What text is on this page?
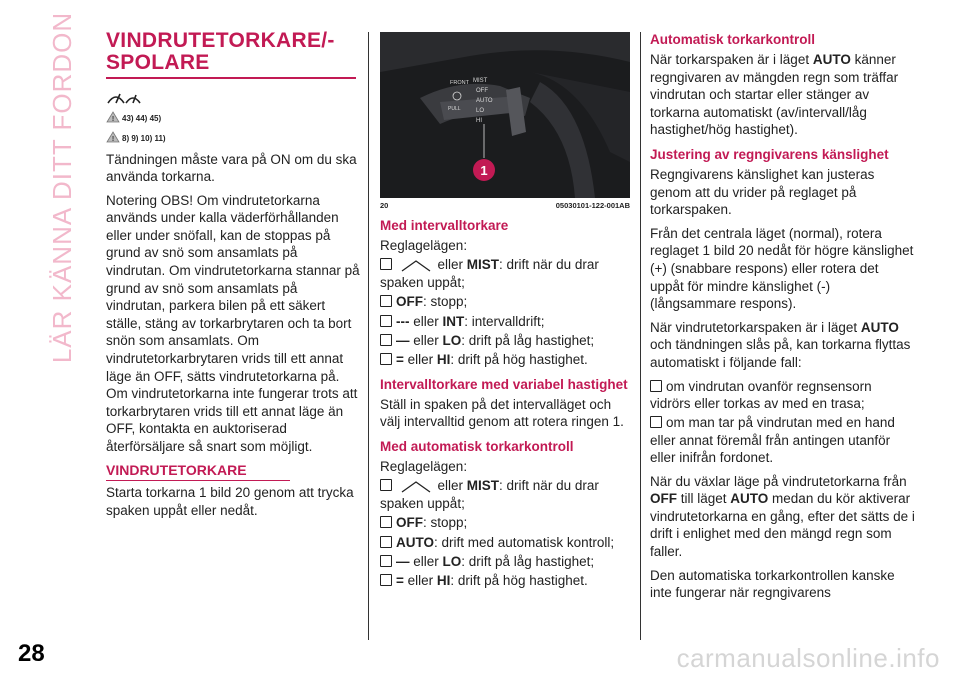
LÄR KÄNNA DITT FORDON VINDRUTETORKARE/-
SPOLARE
! 43) 44) 45)
! 8) 9) 10) 11)

Tändningen måste vara på ON om du ska använda torkarna.

Notering OBS! Om vindrutetorkarna används under kalla väderförhållanden eller under snöfall, kan de stoppas på grund av snö som ansamlats på vindrutan. Om vindrutetorkarna stannar på grund av snö som ansamlats på vindrutan, parkera bilen på ett säkert ställe, stäng av torkarbrytaren och ta bort snön som ansamlats. Om vindrutetorkarbrytaren vrids till ett annat läge än OFF, sätts vindrutetorkarna på. Om vindrutetorkarna inte fungerar trots att torkarbrytaren vrids till ett annat läge än OFF, kontakta en auktoriserad återförsäljare så snart som möjligt.

VINDRUTETORKARE

Starta torkarna 1 bild 20 genom att trycka spaken uppåt eller nedåt.

FRONT MIST
OFF
AUTO
LO
HI
PULL
1
20	05030101-122-001AB
Med intervalltorkare
Reglagelägen:
eller MIST: drift när du drar spaken uppåt;
OFF: stopp;
--- eller INT: intervalldrift;
— eller LO: drift på låg hastighet;
= eller HI: drift på hög hastighet.
Intervalltorkare med variabel hastighet

Ställ in spaken på det intervalläget och välj intervalltid genom att rotera ringen 1.

Med automatisk torkarkontroll
Reglagelägen:
eller MIST: drift när du drar spaken uppåt;
OFF: stopp;
AUTO: drift med automatisk kontroll;
— eller LO: drift på låg hastighet;
= eller HI: drift på hög hastighet.
Automatisk torkarkontroll

När torkarspaken är i läget AUTO känner regngivaren av mängden regn som träffar vindrutan och startar eller stänger av torkarna automatiskt (av/intervall/låg hastighet/hög hastighet).

Justering av regngivarens känslighet

Regngivarens känslighet kan justeras genom att du vrider på reglaget på torkarspaken.

Från det centrala läget (normal), rotera reglaget 1 bild 20 nedåt för högre känslighet (+) (snabbare respons) eller rotera det uppåt för mindre känslighet (-) (långsammare respons).

När vindrutetorkarspaken är i läget AUTO och tändningen slås på, kan torkarna flyttas automatiskt i följande fall:

om vindrutan ovanför regnsensorn vidrörs eller torkas av med en trasa;
om man tar på vindrutan med en hand eller annat föremål från antingen utanför eller inifrån fordonet.

När du växlar läge på vindrutetorkarna från OFF till läget AUTO medan du kör aktiverar vindrutetorkarna en gång, efter det sätts de i drift i enlighet med den mängd regn som faller.

Den automatiska torkarkontrollen kanske inte fungerar när regngivarens

28	carmanualsonline.info
